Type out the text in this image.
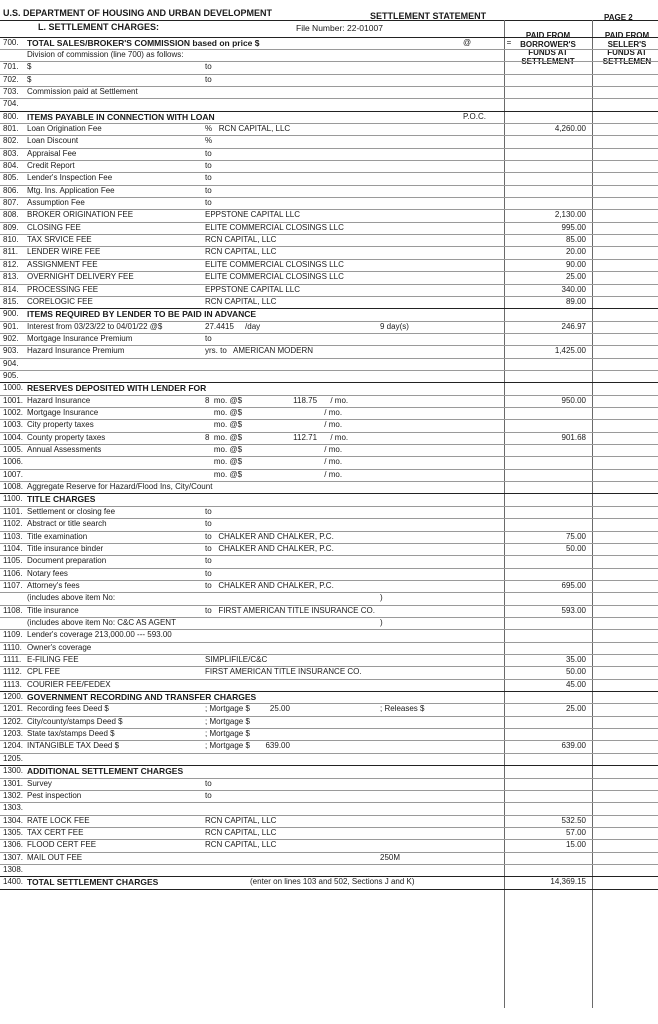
U.S. DEPARTMENT OF HOUSING AND URBAN DEVELOPMENT	SETTLEMENT STATEMENT	PAGE 2
L. SETTLEMENT CHARGES:	File Number: 22-01007
PAID FROM
BORROWER'S
FUNDS AT
SETTLEMENT
PAID FROM
SELLER'S
FUNDS AT
SETTLEMEN
700. TOTAL SALES/BROKER'S COMMISSION based on price $	@                =
Division of commission (line 700) as follows:
701. $	to
702. $	to
703. Commission paid at Settlement
704.
800. ITEMS PAYABLE IN CONNECTION WITH LOAN	P.O.C.
801. Loan Origination Fee	%   RCN CAPITAL, LLC	4,260.00
802. Loan Discount	%
803. Appraisal Fee	to
804. Credit Report	to
805. Lender's Inspection Fee	to
806. Mtg. Ins. Application Fee	to
807. Assumption Fee	to
808. BROKER ORIGINATION FEE	EPPSTONE CAPITAL LLC	2,130.00
809. CLOSING FEE	ELITE COMMERCIAL CLOSINGS LLC	995.00
810. TAX SRVICE FEE	RCN CAPITAL, LLC	85.00
811. LENDER WIRE FEE	RCN CAPITAL, LLC	20.00
812. ASSIGNMENT FEE	ELITE COMMERCIAL CLOSINGS LLC	90.00
813. OVERNIGHT DELIVERY FEE	ELITE COMMERCIAL CLOSINGS LLC	25.00
814. PROCESSING FEE	EPPSTONE CAPITAL LLC	340.00
815. CORELOGIC FEE	RCN CAPITAL, LLC	89.00
900. ITEMS REQUIRED BY LENDER TO BE PAID IN ADVANCE
901. Interest from 03/23/22 to 04/01/22 @$	27.4415     /day	9 day(s)	246.97
902. Mortgage Insurance Premium	to
903. Hazard Insurance Premium	yrs. to   AMERICAN MODERN	1,425.00
904.
905.
1000. RESERVES DEPOSITED WITH LENDER FOR
1001. Hazard Insurance	8  mo. @$                       118.75      / mo.	950.00
1002. Mortgage Insurance	mo. @$                                     / mo.
1003. City property taxes	mo. @$                                     / mo.
1004. County property taxes	8  mo. @$                       112.71      / mo.	901.68
1005. Annual Assessments	mo. @$                                     / mo.
1006.	mo. @$                                     / mo.
1007.	mo. @$                                     / mo.
1008. Aggregate Reserve for Hazard/Flood Ins, City/Count
1100. TITLE CHARGES
1101. Settlement or closing fee	to
1102. Abstract or title search	to
1103. Title examination	to   CHALKER AND CHALKER, P.C.	75.00
1104. Title insurance binder	to   CHALKER AND CHALKER, P.C.	50.00
1105. Document preparation	to
1106. Notary fees	to
1107. Attorney's fees	to   CHALKER AND CHALKER, P.C.	695.00
(includes above item No:	)
1108. Title insurance	to   FIRST AMERICAN TITLE INSURANCE CO.	593.00
(includes above item No: C&C AS AGENT	)
1109. Lender's coverage 213,000.00 --- 593.00
1110. Owner's coverage
1111. E-FILING FEE	SIMPLIFILE/C&C	35.00
1112. CPL FEE	FIRST AMERICAN TITLE INSURANCE CO.	50.00
1113. COURIER FEE/FEDEX	45.00
1200. GOVERNMENT RECORDING AND TRANSFER CHARGES
1201. Recording fees Deed $	; Mortgage $         25.00	; Releases $	25.00
1202. City/county/stamps Deed $	; Mortgage $
1203. State tax/stamps Deed $	; Mortgage $
1204. INTANGIBLE TAX Deed $	; Mortgage $       639.00	639.00
1205.
1300. ADDITIONAL SETTLEMENT CHARGES
1301. Survey	to
1302. Pest inspection	to
1303.
1304. RATE LOCK FEE	RCN CAPITAL, LLC	532.50
1305. TAX CERT FEE	RCN CAPITAL, LLC	57.00
1306. FLOOD CERT FEE	RCN CAPITAL, LLC	15.00
1307. MAIL OUT FEE	250M
1308.
1400. TOTAL SETTLEMENT CHARGES	(enter on lines 103 and 502, Sections J and K)	14,369.15
